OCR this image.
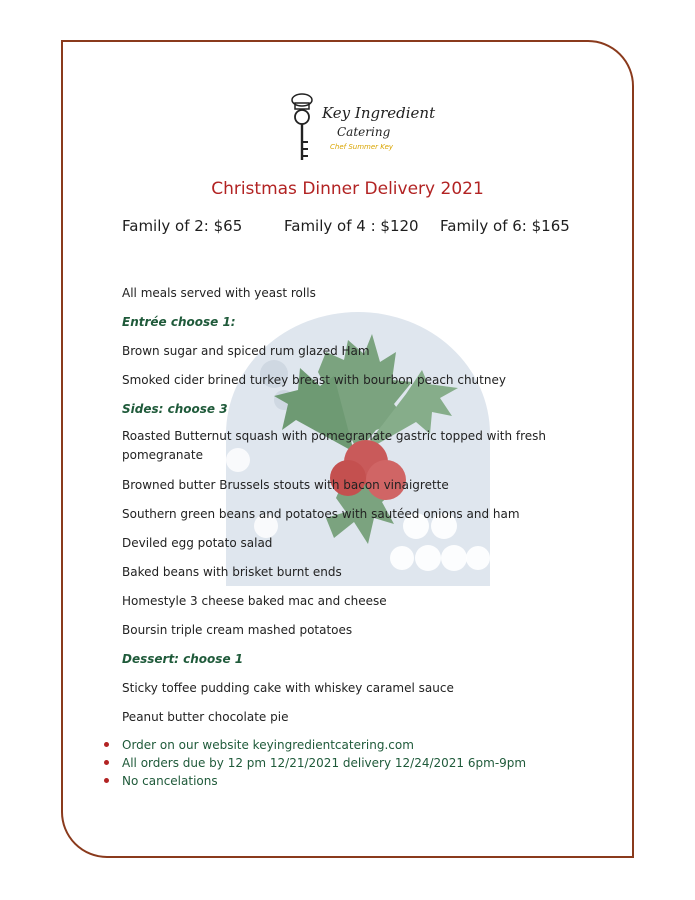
Key Ingredient
Catering
Chef Summer Key
Christmas Dinner Delivery 2021
Family of 2: $65	Family of 4 : $120 Family of 6: $165
All meals served with yeast rolls
Entrée choose 1:
Brown sugar and spiced rum glazed Ham
Smoked cider brined turkey breast with bourbon peach chutney
Sides: choose 3
Roasted Butternut squash with pomegranate gastric topped with fresh pomegranate
Browned butter Brussels stouts with bacon vinaigrette
Southern green beans and potatoes with sautéed onions and ham
Deviled egg potato salad
Baked beans with brisket burnt ends
Homestyle 3 cheese baked mac and cheese
Boursin triple cream mashed potatoes
Dessert: choose 1
Sticky toffee pudding cake with whiskey caramel sauce
Peanut butter chocolate pie
Order on our website keyingredientcatering.com
All orders due by 12 pm 12/21/2021 delivery 12/24/2021 6pm-9pm
No cancelations
